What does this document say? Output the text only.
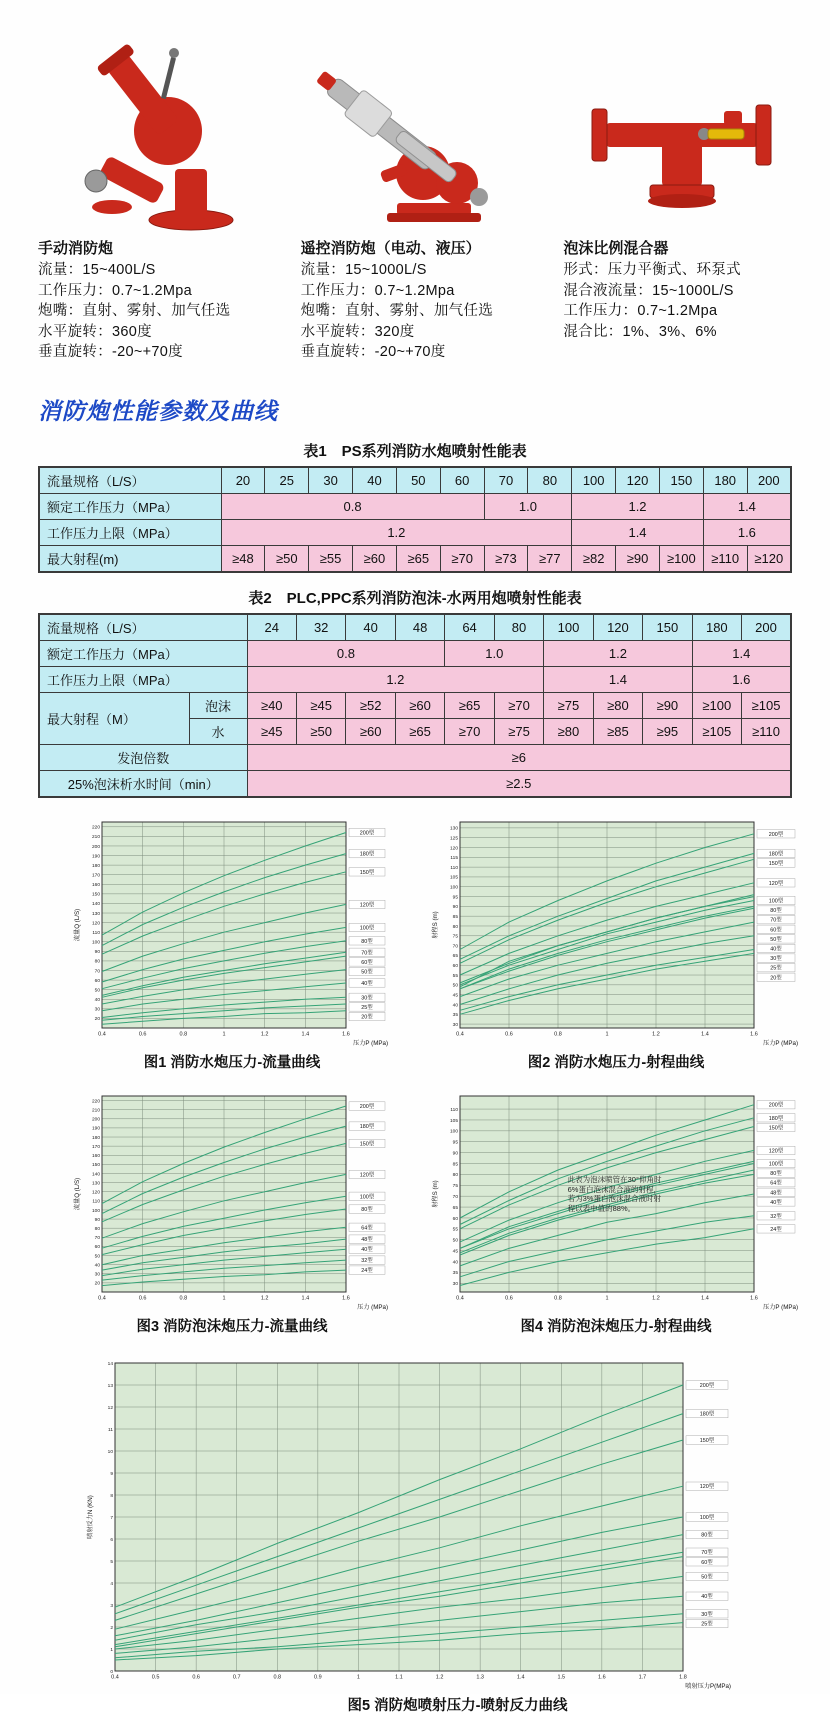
手动消防炮
流量：15~400L/S
工作压力：0.7~1.2Mpa
炮嘴：直射、雾射、加气任选
水平旋转：360度
垂直旋转：-20~+70度
遥控消防炮（电动、液压）
流量：15~1000L/S
工作压力：0.7~1.2Mpa
炮嘴：直射、雾射、加气任选
水平旋转：320度
垂直旋转：-20~+70度
泡沫比例混合器
形式：压力平衡式、环泵式
混合液流量：15~1000L/S
工作压力：0.7~1.2Mpa
混合比：1%、3%、6%
消防炮性能参数及曲线
表1　PS系列消防水炮喷射性能表
流量规格（L/S）	20	25	30	40	50	60	70	80	100	120	150	180	200
额定工作压力（MPa）	0.8						1.0		1.2			1.4	
工作压力上限（MPa）	1.2								1.4			1.6	
最大射程(m)	≥48	≥50	≥55	≥60	≥65	≥70	≥73	≥77	≥82	≥90	≥100	≥110	≥120
表2　PLC,PPC系列消防泡沫-水两用炮喷射性能表
流量规格（L/S）		24	32	40	48	64	80	100	120	150	180	200
额定工作压力（MPa）		0.8				1.0		1.2			1.4	
工作压力上限（MPa）		1.2						1.4			1.6	
最大射程（M）	泡沫	≥40	≥45	≥52	≥60	≥65	≥70	≥75	≥80	≥90	≥100	≥105
	水	≥45	≥50	≥60	≥65	≥70	≥75	≥80	≥85	≥95	≥105	≥110
发泡倍数		≥6										
25%泡沫析水时间（min）		≥2.5										
0.4	0.6	0.8	1	1.2	1.4	1.6
20
30
40
50
60
70
80
90
100
110
120
130
140
150
160
170
180
190
200
210
220
200型
180型
150型
120型
100型
80型
70型
60型
50型
40型
30型
25型
20型
流量Q (L/S)
压力P (MPa)
图1 消防水炮压力-流量曲线
0.4	0.6	0.8	1	1.2	1.4	1.6
30
35
40
45
50
55
60
65
70
75
80
85
90
95
100
105
110
115
120
125
130
200型
180型
150型
120型
100型
80型
70型
60型
50型
40型
30型
25型
20型
射程S (m)
压力P (MPa)
图2 消防水炮压力-射程曲线
0.4	0.6	0.8	1	1.2	1.4	1.6
20
30
40
50
60
70
80
90
100
110
120
130
140
150
160
170
180
190
200
210
220
200型
180型
150型
120型
100型
80型
64型
48型
40型
32型
24型
流量Q (L/S)
压力 (MPa)
图3 消防泡沫炮压力-流量曲线
0.4	0.6	0.8	1	1.2	1.4	1.6
30
35
40
45
50
55
60
65
70
75
80
85
90
95
100
105
110
200型
180型
150型
120型
100型
80型
64型
48型
40型
32型
24型
射程S (m)
压力P (MPa)
此表为泡沫喷管在30°仰角时6%蛋白泡沫混合液的射程，若为3%蛋白泡沫混合液时射程以表中值的88%。
图4 消防泡沫炮压力-射程曲线
0.4	0.5	0.6	0.7	0.8	0.9	1	1.1	1.2	1.3	1.4	1.5	1.6	1.7	1.8
0
1
2
3
4
5
6
7
8
9
10
11
12
13
14
200型
180型
150型
120型
100型
80型
70型
60型
50型
40型
30型
25型
喷射反力N (KN)
喷射压力P(MPa)
图5 消防炮喷射压力-喷射反力曲线
